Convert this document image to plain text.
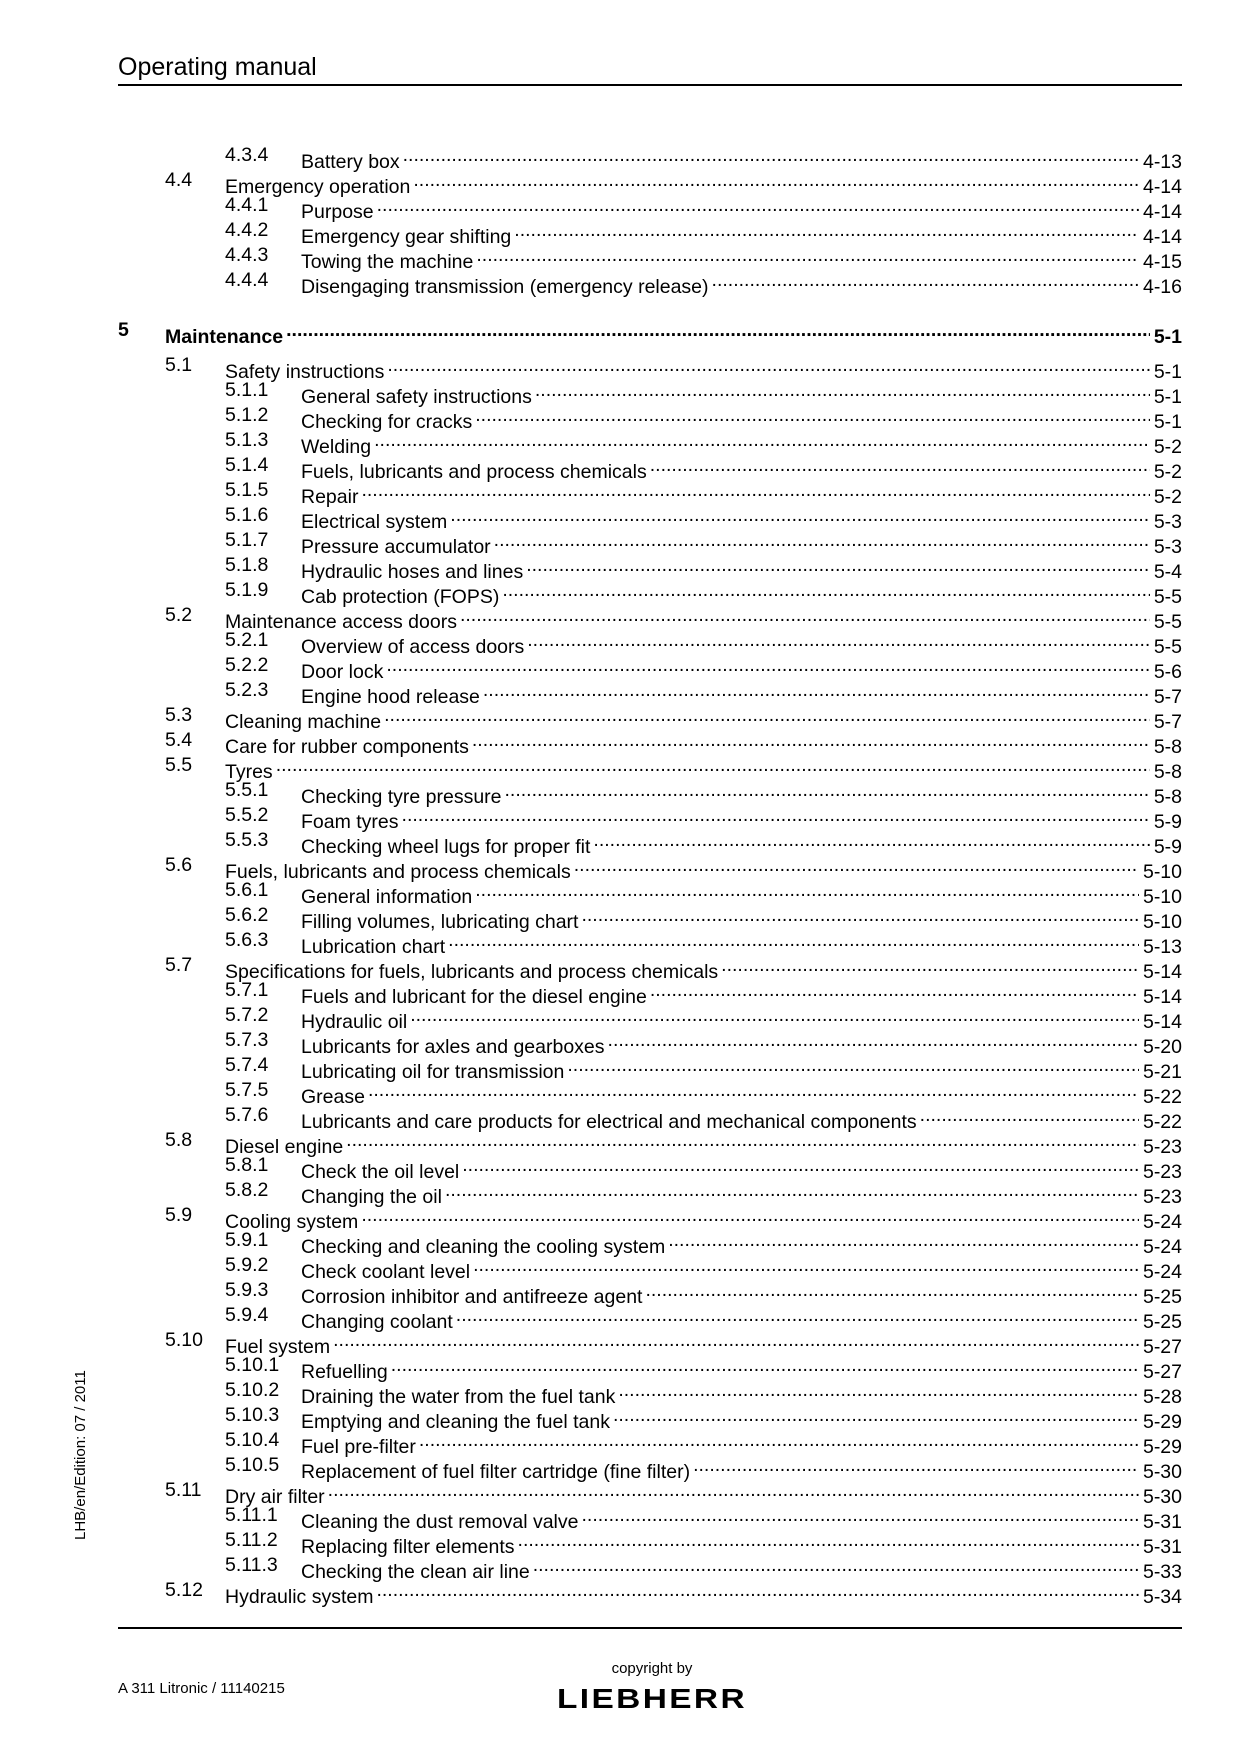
Operating manual
4.3.4 Battery box .....	4-13
4.4 Emergency operation .....	4-14
4.4.1 Purpose .....	4-14
4.4.2 Emergency gear shifting .....	4-14
4.4.3 Towing the machine .....	4-15
4.4.4 Disengaging transmission (emergency release) .....	4-16
5 Maintenance .....	5-1
5.1 Safety instructions .....	5-1
5.1.1 General safety instructions .....	5-1
5.1.2 Checking for cracks .....	5-1
5.1.3 Welding .....	5-2
5.1.4 Fuels, lubricants and process chemicals .....	5-2
5.1.5 Repair .....	5-2
5.1.6 Electrical system .....	5-3
5.1.7 Pressure accumulator .....	5-3
5.1.8 Hydraulic hoses and lines .....	5-4
5.1.9 Cab protection (FOPS) .....	5-5
5.2 Maintenance access doors .....	5-5
5.2.1 Overview of access doors .....	5-5
5.2.2 Door lock .....	5-6
5.2.3 Engine hood release .....	5-7
5.3 Cleaning machine .....	5-7
5.4 Care for rubber components .....	5-8
5.5 Tyres .....	5-8
5.5.1 Checking tyre pressure .....	5-8
5.5.2 Foam tyres .....	5-9
5.5.3 Checking wheel lugs for proper fit .....	5-9
5.6 Fuels, lubricants and process chemicals .....	5-10
5.6.1 General information .....	5-10
5.6.2 Filling volumes, lubricating chart .....	5-10
5.6.3 Lubrication chart .....	5-13
5.7 Specifications for fuels, lubricants and process chemicals .....	5-14
5.7.1 Fuels and lubricant for the diesel engine .....	5-14
5.7.2 Hydraulic oil .....	5-14
5.7.3 Lubricants for axles and gearboxes .....	5-20
5.7.4 Lubricating oil for transmission .....	5-21
5.7.5 Grease .....	5-22
5.7.6 Lubricants and care products for electrical and mechanical components .....	5-22
5.8 Diesel engine .....	5-23
5.8.1 Check the oil level .....	5-23
5.8.2 Changing the oil .....	5-23
5.9 Cooling system .....	5-24
5.9.1 Checking and cleaning the cooling system .....	5-24
5.9.2 Check coolant level .....	5-24
5.9.3 Corrosion inhibitor and antifreeze agent .....	5-25
5.9.4 Changing coolant .....	5-25
5.10 Fuel system .....	5-27
5.10.1 Refuelling .....	5-27
5.10.2 Draining the water from the fuel tank .....	5-28
5.10.3 Emptying and cleaning the fuel tank .....	5-29
5.10.4 Fuel pre-filter .....	5-29
5.10.5 Replacement of fuel filter cartridge (fine filter) .....	5-30
5.11 Dry air filter .....	5-30
5.11.1 Cleaning the dust removal valve .....	5-31
5.11.2 Replacing filter elements .....	5-31
5.11.3 Checking the clean air line .....	5-33
5.12 Hydraulic system .....	5-34
LHB/en/Edition: 07 / 2011
A 311 Litronic / 11140215
copyright by
LIEBHERR
